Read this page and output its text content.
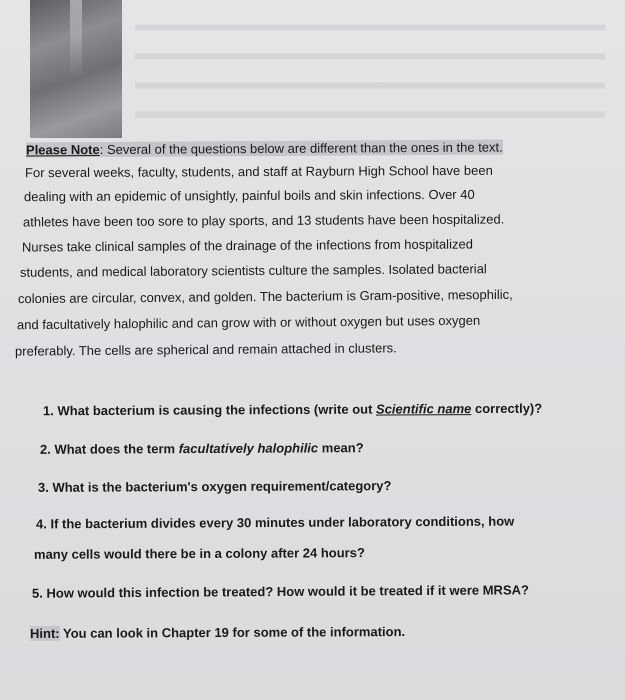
Please Note: Several of the questions below are different than the ones in the text.
For several weeks, faculty, students, and staff at Rayburn High School have been
dealing with an epidemic of unsightly, painful boils and skin infections. Over 40
athletes have been too sore to play sports, and 13 students have been hospitalized.
Nurses take clinical samples of the drainage of the infections from hospitalized
students, and medical laboratory scientists culture the samples. Isolated bacterial
colonies are circular, convex, and golden. The bacterium is Gram-positive, mesophilic,
and facultatively halophilic and can grow with or without oxygen but uses oxygen
preferably. The cells are spherical and remain attached in clusters.
1. What bacterium is causing the infections (write out Scientific name correctly)?
2. What does the term facultatively halophilic mean?
3. What is the bacterium's oxygen requirement/category?
4. If the bacterium divides every 30 minutes under laboratory conditions, how
many cells would there be in a colony after 24 hours?
5. How would this infection be treated? How would it be treated if it were MRSA?
Hint: You can look in Chapter 19 for some of the information.
